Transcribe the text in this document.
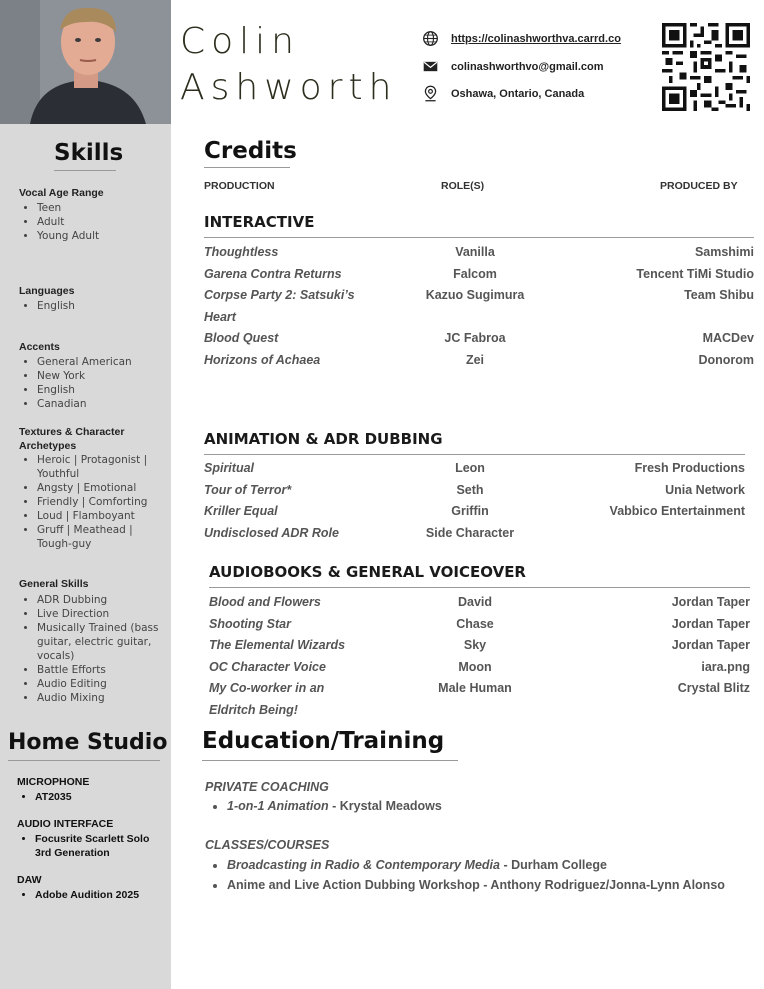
Skills
Vocal Age Range
• Teen
• Adult
• Young Adult
Languages
• English
Accents
• General American
• New York
• English
• Canadian
Textures & Character Archetypes
• Heroic | Protagonist | Youthful
• Angsty | Emotional
• Friendly | Comforting
• Loud | Flamboyant
• Gruff | Meathead | Tough-guy
General Skills
• ADR Dubbing
• Live Direction
• Musically Trained (bass guitar, electric guitar, vocals)
• Battle Efforts
• Audio Editing
• Audio Mixing
Home Studio
MICROPHONE
• AT2035
AUDIO INTERFACE
• Focusrite Scarlett Solo 3rd Generation
DAW
• Adobe Audition 2025
Colin
Ashworth
https://colinashworthva.carrd.co
colinashworthvo@gmail.com
Oshawa, Ontario, Canada
Credits
PRODUCTION	ROLE(S)	PRODUCED BY
INTERACTIVE
Thoughtless	Vanilla	Samshimi
Garena Contra Returns	Falcom	Tencent TiMi Studio
Corpse Party 2: Satsuki’s	Kazuo Sugimura	Team Shibu
Heart
Blood Quest	JC Fabroa	MACDev
Horizons of Achaea	Zei	Donorom
ANIMATION & ADR DUBBING
Spiritual	Leon	Fresh Productions
Tour of Terror*	Seth	Unia Network
Kriller Equal	Griffin	Vabbico Entertainment
Undisclosed ADR Role	Side Character
AUDIOBOOKS & GENERAL VOICEOVER
Blood and Flowers	David	Jordan Taper
Shooting Star	Chase	Jordan Taper
The Elemental Wizards	Sky	Jordan Taper
OC Character Voice	Moon	iara.png
My Co-worker in an	Male Human	Crystal Blitz
Eldritch Being!
Education/Training
PRIVATE COACHING
• 1-on-1 Animation - Krystal Meadows
CLASSES/COURSES
• Broadcasting in Radio & Contemporary Media - Durham College
• Anime and Live Action Dubbing Workshop - Anthony Rodriguez/Jonna-Lynn Alonso
